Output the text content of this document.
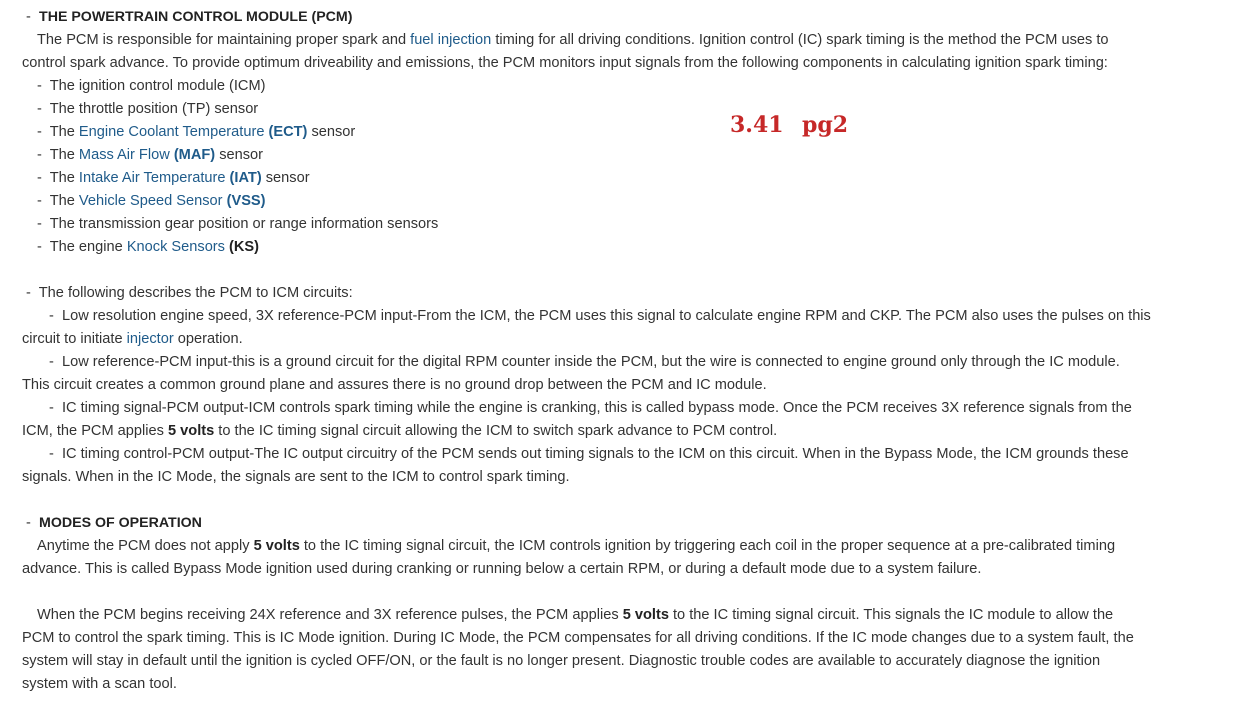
-  THE POWERTRAIN CONTROL MODULE (PCM)
The PCM is responsible for maintaining proper spark and fuel injection timing for all driving conditions. Ignition control (IC) spark timing is the method the PCM uses to
control spark advance. To provide optimum driveability and emissions, the PCM monitors input signals from the following components in calculating ignition spark timing:
-  The ignition control module (ICM)
-  The throttle position (TP) sensor
-  The Engine Coolant Temperature (ECT) sensor
-  The Mass Air Flow (MAF) sensor
-  The Intake Air Temperature (IAT) sensor
-  The Vehicle Speed Sensor (VSS)
-  The transmission gear position or range information sensors
-  The engine Knock Sensors (KS)
-  The following describes the PCM to ICM circuits:
-  Low resolution engine speed, 3X reference-PCM input-From the ICM, the PCM uses this signal to calculate engine RPM and CKP. The PCM also uses the pulses on this
circuit to initiate injector operation.
-  Low reference-PCM input-this is a ground circuit for the digital RPM counter inside the PCM, but the wire is connected to engine ground only through the IC module.
This circuit creates a common ground plane and assures there is no ground drop between the PCM and IC module.
-  IC timing signal-PCM output-ICM controls spark timing while the engine is cranking, this is called bypass mode. Once the PCM receives 3X reference signals from the
ICM, the PCM applies 5 volts to the IC timing signal circuit allowing the ICM to switch spark advance to PCM control.
-  IC timing control-PCM output-The IC output circuitry of the PCM sends out timing signals to the ICM on this circuit. When in the Bypass Mode, the ICM grounds these
signals. When in the IC Mode, the signals are sent to the ICM to control spark timing.
-  MODES OF OPERATION
Anytime the PCM does not apply 5 volts to the IC timing signal circuit, the ICM controls ignition by triggering each coil in the proper sequence at a pre-calibrated timing
advance. This is called Bypass Mode ignition used during cranking or running below a certain RPM, or during a default mode due to a system failure.
When the PCM begins receiving 24X reference and 3X reference pulses, the PCM applies 5 volts to the IC timing signal circuit. This signals the IC module to allow the
PCM to control the spark timing. This is IC Mode ignition. During IC Mode, the PCM compensates for all driving conditions. If the IC mode changes due to a system fault, the
system will stay in default until the ignition is cycled OFF/ON, or the fault is no longer present. Diagnostic trouble codes are available to accurately diagnose the ignition
system with a scan tool.
3.41 pg2
